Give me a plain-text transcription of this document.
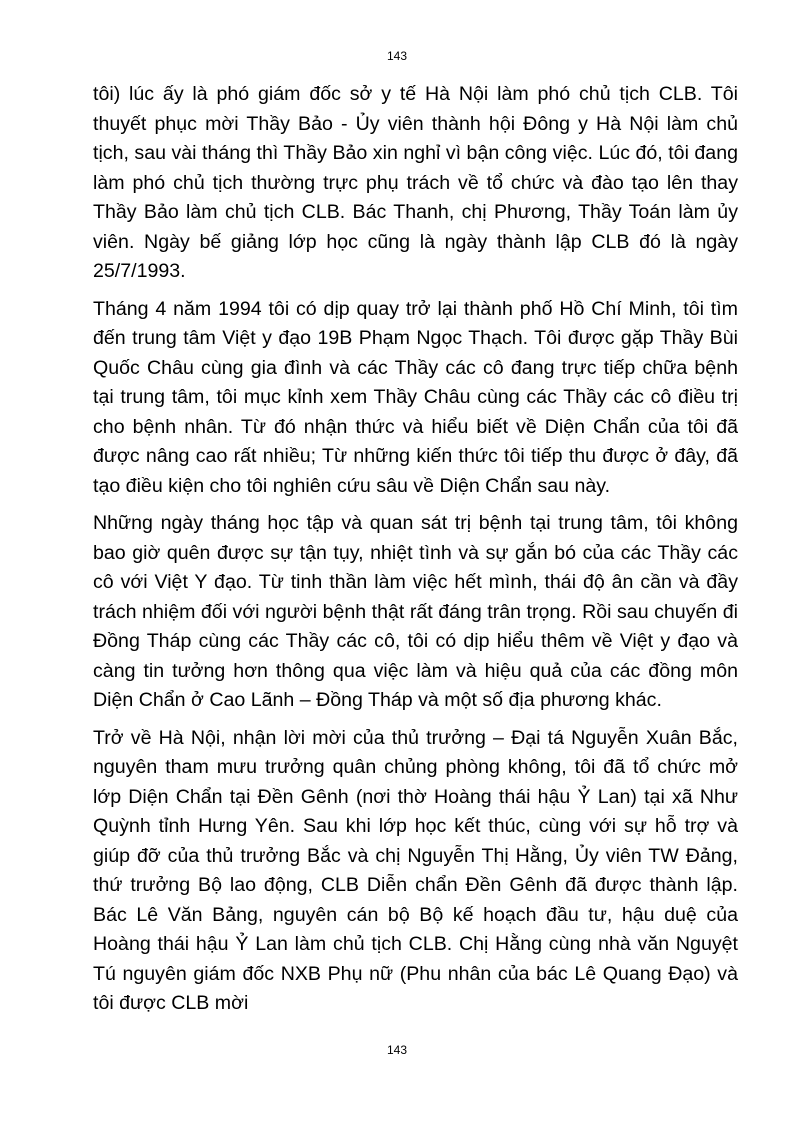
143

tôi) lúc ấy là phó giám đốc sở y tế Hà Nội làm phó chủ tịch CLB. Tôi thuyết phục mời Thầy Bảo - Ủy viên thành hội Đông y Hà Nội làm chủ tịch, sau vài tháng thì Thầy Bảo xin nghỉ vì bận công việc. Lúc đó, tôi đang làm phó chủ tịch thường trực phụ trách về tổ chức và đào tạo lên thay Thầy Bảo làm chủ tịch CLB. Bác Thanh, chị Phương, Thầy Toán làm ủy viên. Ngày bế giảng lớp học cũng là ngày thành lập CLB đó là ngày 25/7/1993.

Tháng 4 năm 1994 tôi có dịp quay trở lại thành phố Hồ Chí Minh, tôi tìm đến trung tâm Việt y đạo 19B Phạm Ngọc Thạch. Tôi được gặp Thầy Bùi Quốc Châu cùng gia đình và các Thầy các cô đang trực tiếp chữa bệnh tại trung tâm, tôi mục kỉnh xem Thầy Châu cùng các Thầy các cô điều trị cho bệnh nhân. Từ đó nhận thức và hiểu biết về Diện Chẩn của tôi đã được nâng cao rất nhiều; Từ những kiến thức tôi tiếp thu được ở đây, đã tạo điều kiện cho tôi nghiên cứu sâu về Diện Chẩn sau này.

Những ngày tháng học tập và quan sát trị bệnh tại trung tâm, tôi không bao giờ quên được sự tận tụy, nhiệt tình và sự gắn bó của các Thầy các cô với Việt Y đạo. Từ tinh thần làm việc hết mình, thái độ ân cần và đầy trách nhiệm đối với người bệnh thật rất đáng trân trọng. Rồi sau chuyến đi Đồng Tháp cùng các Thầy các cô, tôi có dịp hiểu thêm về Việt y đạo và càng tin tưởng hơn thông qua việc làm và hiệu quả của các đồng môn Diện Chẩn ở Cao Lãnh – Đồng Tháp và một số địa phương khác.

Trở về Hà Nội, nhận lời mời của thủ trưởng – Đại tá Nguyễn Xuân Bắc, nguyên tham mưu trưởng quân chủng phòng không, tôi đã tổ chức mở lớp Diện Chẩn tại Đền Gênh (nơi thờ Hoàng thái hậu Ỷ Lan) tại xã Như Quỳnh tỉnh Hưng Yên. Sau khi lớp học kết thúc, cùng với sự hỗ trợ và giúp đỡ của thủ trưởng Bắc và chị Nguyễn Thị Hằng, Ủy viên TW Đảng, thứ trưởng Bộ lao động, CLB Diễn chẩn Đền Gênh đã được thành lập. Bác Lê Văn Bảng, nguyên cán bộ Bộ kế hoạch đầu tư, hậu duệ của Hoàng thái hậu Ỷ Lan làm chủ tịch CLB. Chị Hằng cùng nhà văn Nguyệt Tú nguyên giám đốc NXB Phụ nữ (Phu nhân của bác Lê Quang Đạo) và tôi được CLB mời

143
